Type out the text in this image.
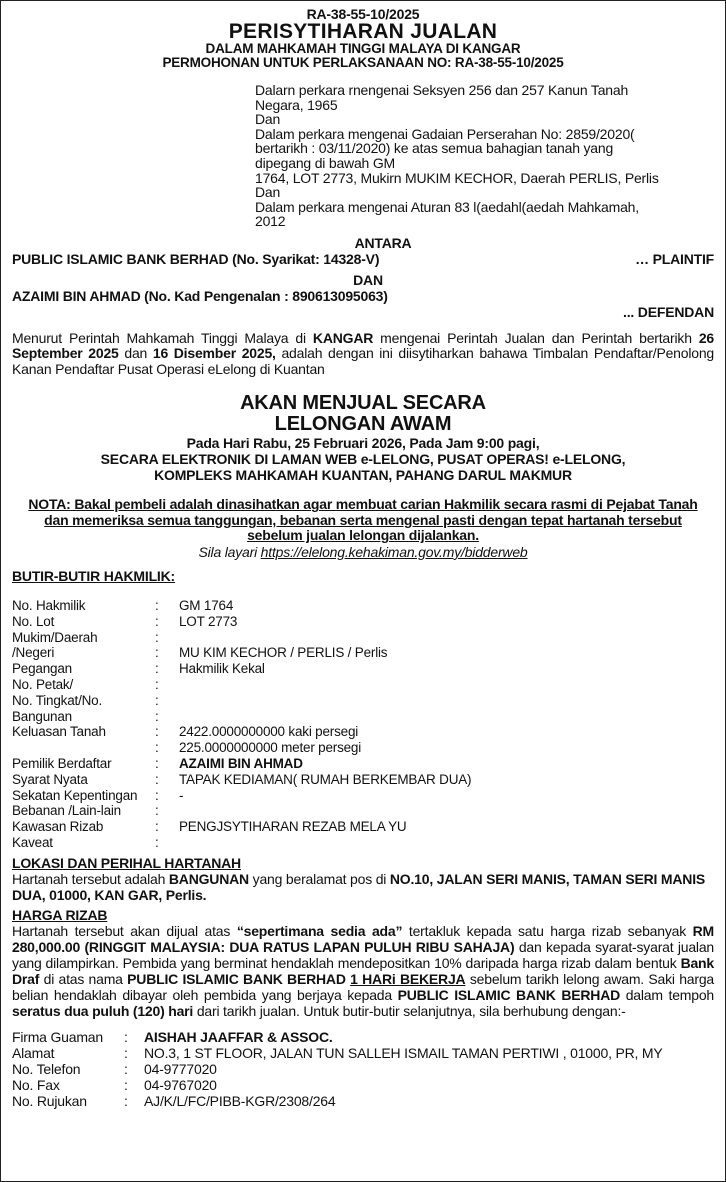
RA-38-55-10/2025
PERISYTIHARAN JUALAN
DALAM MAHKAMAH TINGGI MALAYA DI KANGAR
PERMOHONAN UNTUK PERLAKSANAAN NO: RA-38-55-10/2025
Dalarn perkara rnengenai Seksyen 256 dan 257 Kanun Tanah
Negara, 1965
Dan
Dalam perkara mengenai Gadaian Perserahan No: 2859/2020(
bertarikh : 03/11/2020) ke atas semua bahagian tanah yang
dipegang di bawah GM
1764, LOT 2773, Mukirn MUKIM KECHOR, Daerah PERLIS, Perlis
Dan
Dalam perkara mengenai Aturan 83 l(aedahl(aedah Mahkamah,
2012
ANTARA
PUBLIC ISLAMIC BANK BERHAD (No. Syarikat: 14328-V)	… PLAINTIF
DAN
AZAIMI BIN AHMAD (No. Kad Pengenalan : 890613095063)
... DEFENDAN
Menurut Perintah Mahkamah Tinggi Malaya di KANGAR mengenai Perintah Jualan dan Perintah bertarikh 26 September 2025 dan 16 Disember 2025, adalah dengan ini diisytiharkan bahawa Timbalan Pendaftar/Penolong Kanan Pendaftar Pusat Operasi eLelong di Kuantan
AKAN MENJUAL SECARA
LELONGAN AWAM
Pada Hari Rabu, 25 Februari 2026, Pada Jam 9:00 pagi,
SECARA ELEKTRONIK DI LAMAN WEB e-LELONG, PUSAT OPERAS! e-LELONG,
KOMPLEKS MAHKAMAH KUANTAN, PAHANG DARUL MAKMUR
NOTA: Bakal pembeli adalah dinasihatkan agar membuat carian Hakmilik secara rasmi di Pejabat Tanah dan memeriksa semua tanggungan, bebanan serta mengenal pasti dengan tepat hartanah tersebut sebelum jualan lelongan dijalankan.
Sila layari https://elelong.kehakiman.gov.my/bidderweb
BUTIR-BUTIR HAKMILIK:
No. Hakmilik	:	GM 1764
No. Lot	:	LOT 2773
Mukim/Daerah	:	
/Negeri	:	MU KIM KECHOR / PERLIS / Perlis
Pegangan	:	Hakmilik Kekal
No. Petak/	:	
No. Tingkat/No.	:	
Bangunan	:	
Keluasan Tanah	:	2422.0000000000 kaki persegi
	:	225.0000000000 meter persegi
Pemilik Berdaftar	:	AZAIMI BIN AHMAD
Syarat Nyata	:	TAPAK KEDIAMAN( RUMAH BERKEMBAR DUA)
Sekatan Kepentingan	:	-
Bebanan /Lain-lain	:	
Kawasan Rizab	:	PENGJSYTIHARAN REZAB MELA YU
Kaveat	:	
LOKASI DAN PERIHAL HARTANAH
Hartanah tersebut adalah BANGUNAN yang beralamat pos di NO.10, JALAN SERI MANIS, TAMAN SERI MANIS DUA, 01000, KAN GAR, Perlis.
HARGA RIZAB
Hartanah tersebut akan dijual atas “sepertimana sedia ada” tertakluk kepada satu harga rizab sebanyak RM 280,000.00 (RINGGIT MALAYSIA: DUA RATUS LAPAN PULUH RIBU SAHAJA) dan kepada syarat-syarat jualan yang dilampirkan. Pembida yang berminat hendaklah mendepositkan 10% daripada harga rizab dalam bentuk Bank Draf di atas nama PUBLIC ISLAMIC BANK BERHAD 1 HARi BEKERJA sebelum tarikh lelong awam. Saki harga belian hendaklah dibayar oleh pembida yang berjaya kepada PUBLIC ISLAMIC BANK BERHAD dalam tempoh seratus dua puluh (120) hari dari tarikh jualan. Untuk butir-butir selanjutnya, sila berhubung dengan:-
Firma Guaman	:	AISHAH JAAFFAR & ASSOC.
Alamat	:	NO.3, 1 ST FLOOR, JALAN TUN SALLEH ISMAIL TAMAN PERTIWI , 01000, PR, MY
No. Telefon	:	04-9777020
No. Fax	:	04-9767020
No. Rujukan	:	AJ/K/L/FC/PIBB-KGR/2308/264
